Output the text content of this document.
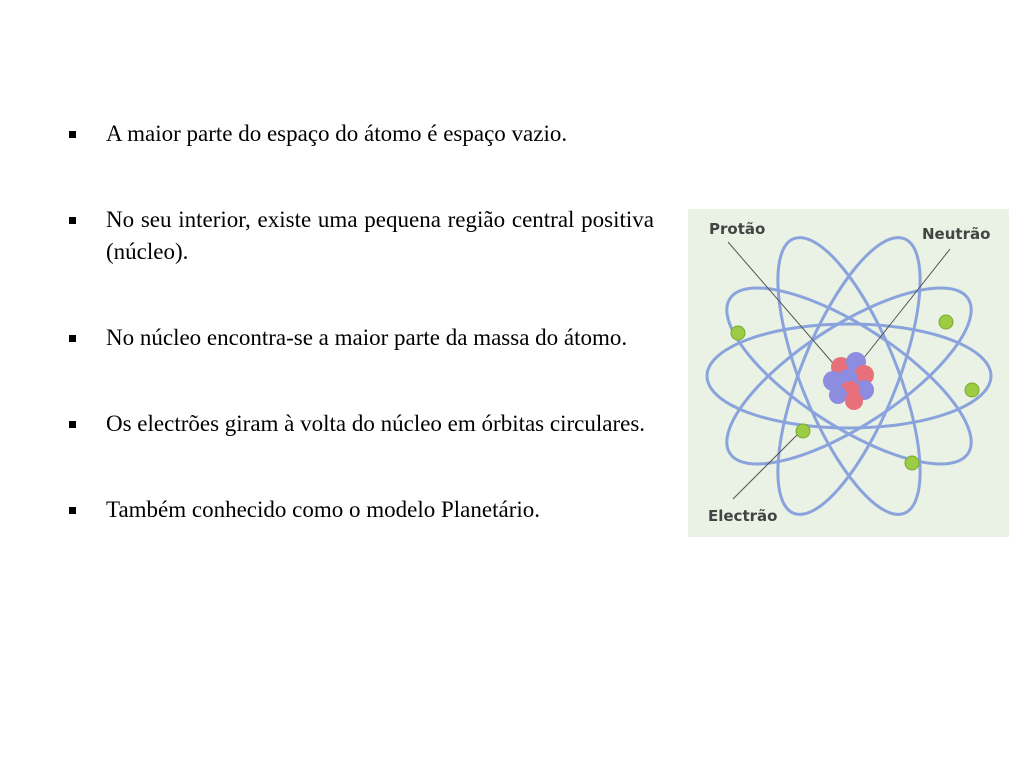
A maior parte do espaço do átomo é espaço vazio.
No seu interior, existe uma pequena região central positiva (núcleo).
No núcleo encontra-se a maior parte da massa do átomo.
Os electrões giram à volta do núcleo em órbitas circulares.
Também conhecido como o modelo Planetário.
Protão	Neutrão
Electrão
